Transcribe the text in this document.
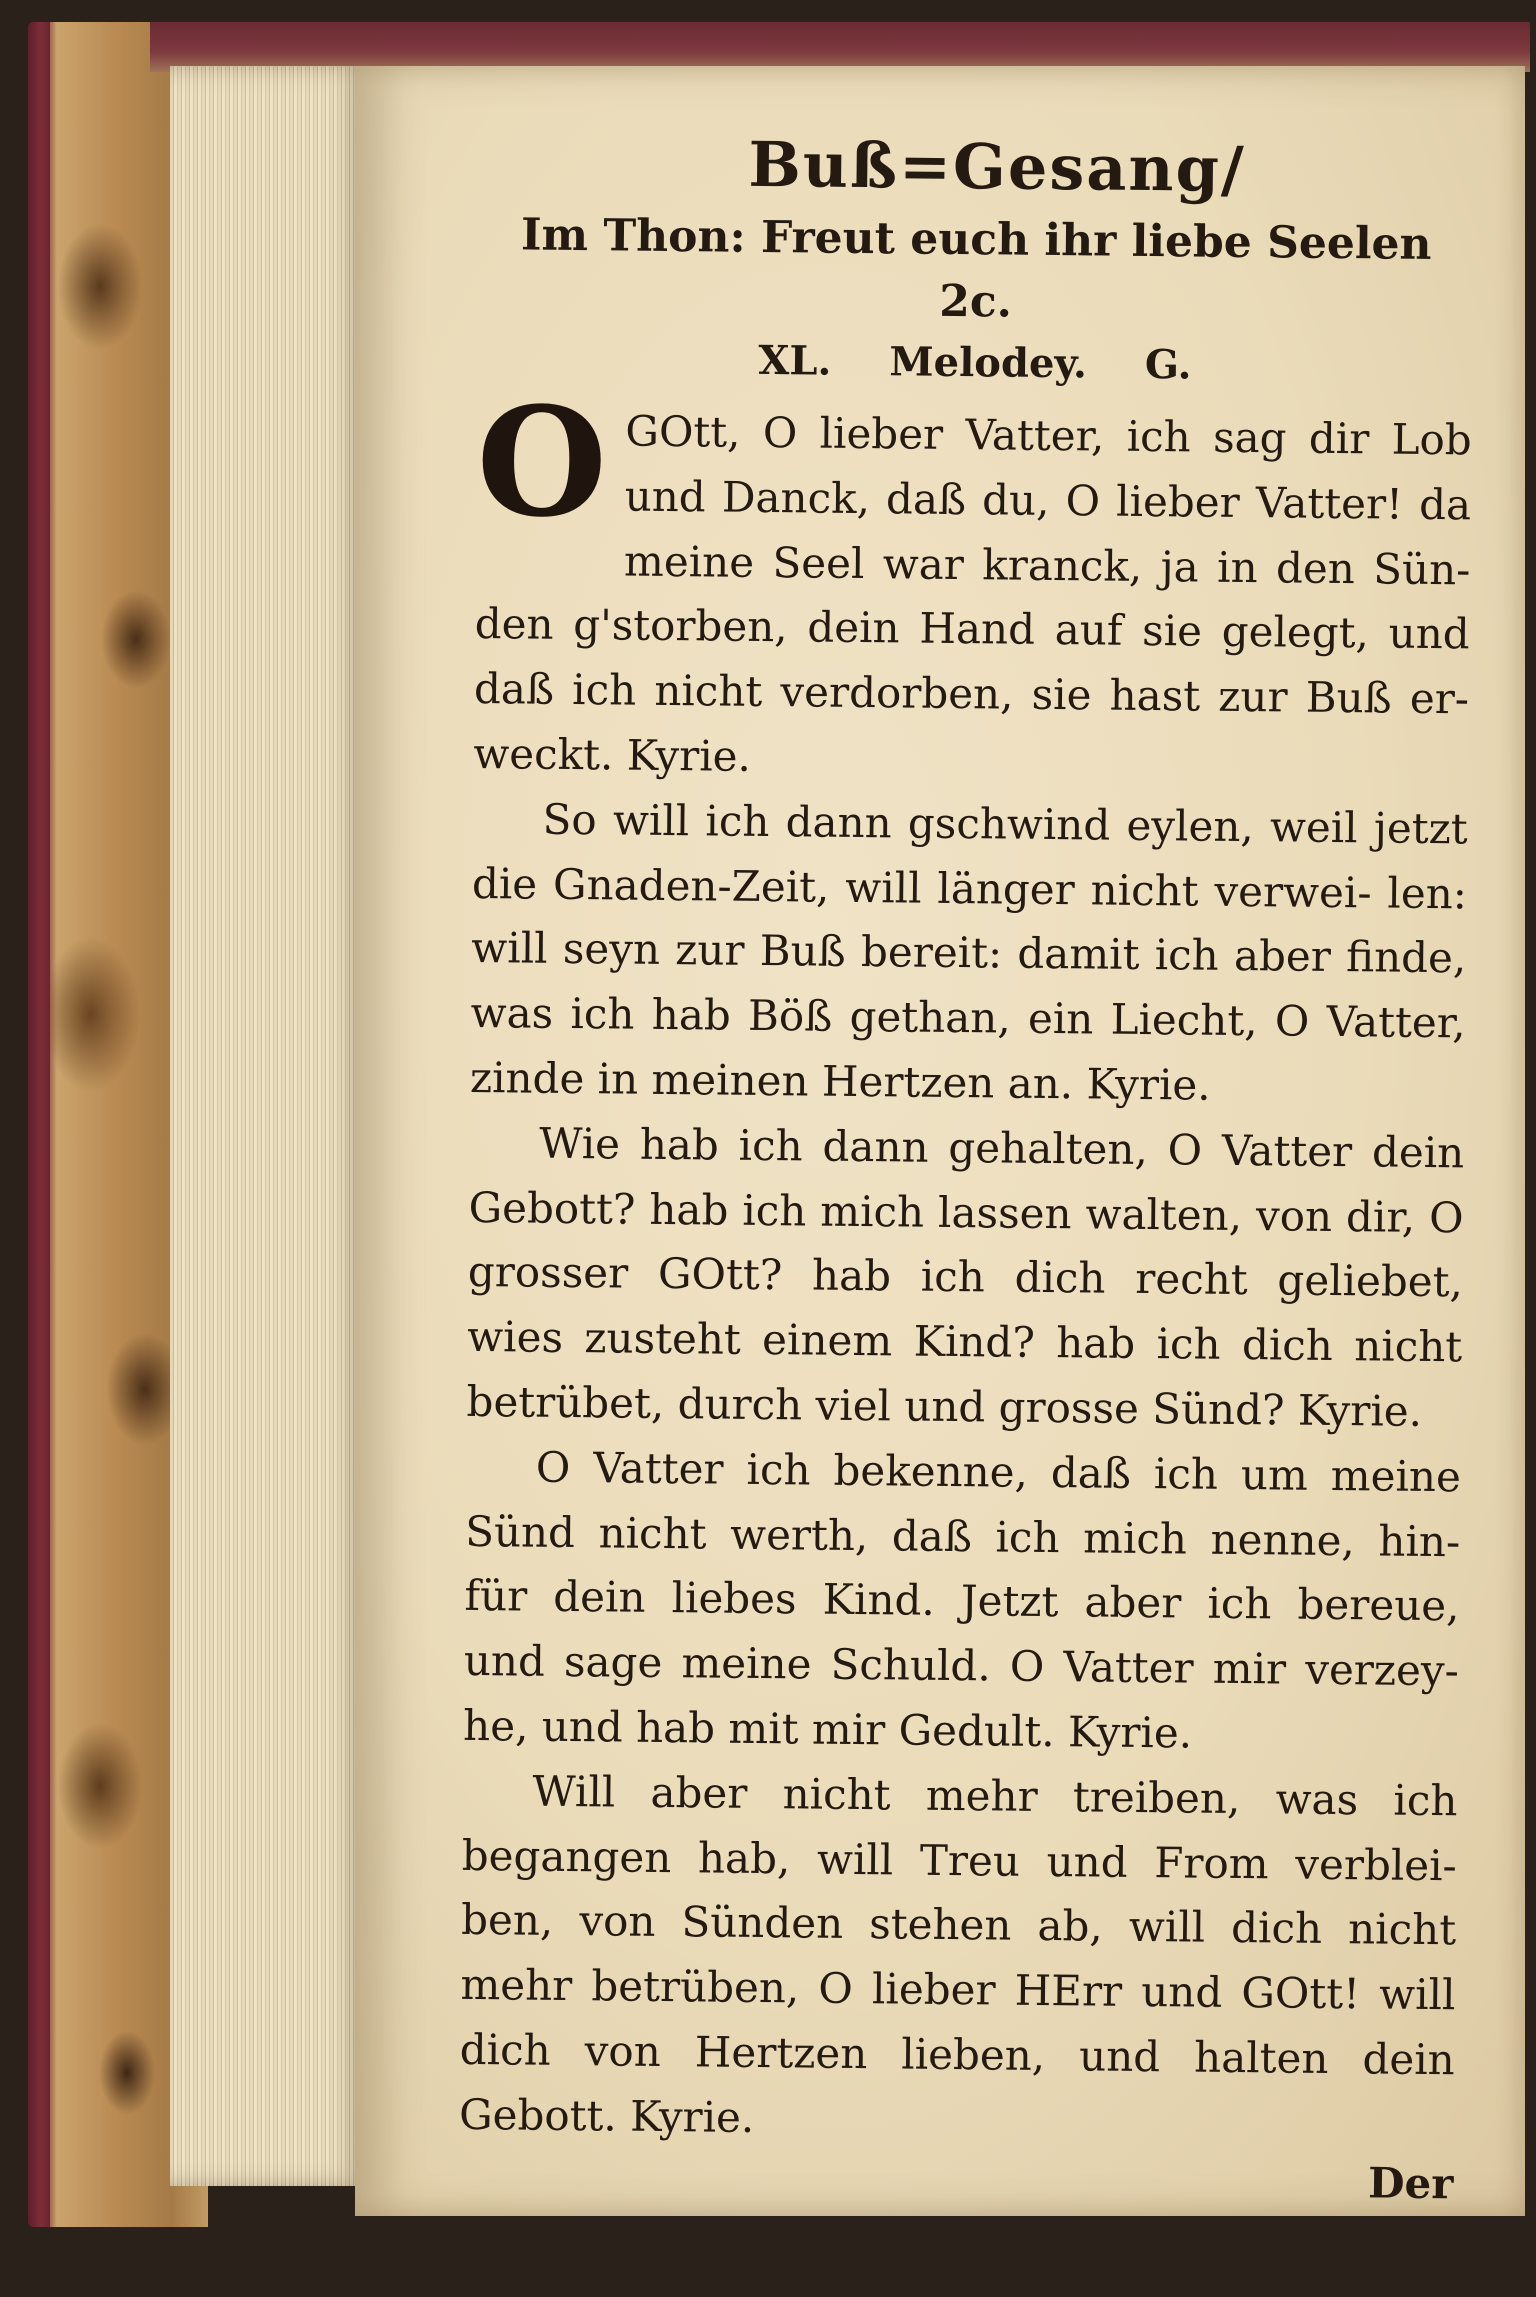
Buß=Gesang/
Im Thon: Freut euch ihr liebe Seelen 2c.
XL. Melodey. G.

O GOtt, O lieber Vatter, ich sag dir Lob und Danck, daß du, O lieber Vatter! da meine Seel war kranck, ja in den Sün- den g'storben, dein Hand auf sie gelegt, und daß ich nicht verdorben, sie hast zur Buß er- weckt. Kyrie.

So will ich dann gschwind eylen, weil jetzt die Gnaden-Zeit, will länger nicht verwei- len: will seyn zur Buß bereit: damit ich aber finde, was ich hab Böß gethan, ein Liecht, O Vatter, zinde in meinen Hertzen an. Kyrie.

Wie hab ich dann gehalten, O Vatter dein Gebott? hab ich mich lassen walten, von dir, O grosser GOtt? hab ich dich recht geliebet, wies zusteht einem Kind? hab ich dich nicht betrübet, durch viel und grosse Sünd? Kyrie.

O Vatter ich bekenne, daß ich um meine Sünd nicht werth, daß ich mich nenne, hin- für dein liebes Kind. Jetzt aber ich bereue, und sage meine Schuld. O Vatter mir verzey- he, und hab mit mir Gedult. Kyrie.

Will aber nicht mehr treiben, was ich begangen hab, will Treu und From verblei- ben, von Sünden stehen ab, will dich nicht mehr betrüben, O lieber HErr und GOtt! will dich von Hertzen lieben, und halten dein Gebott. Kyrie.

Der
